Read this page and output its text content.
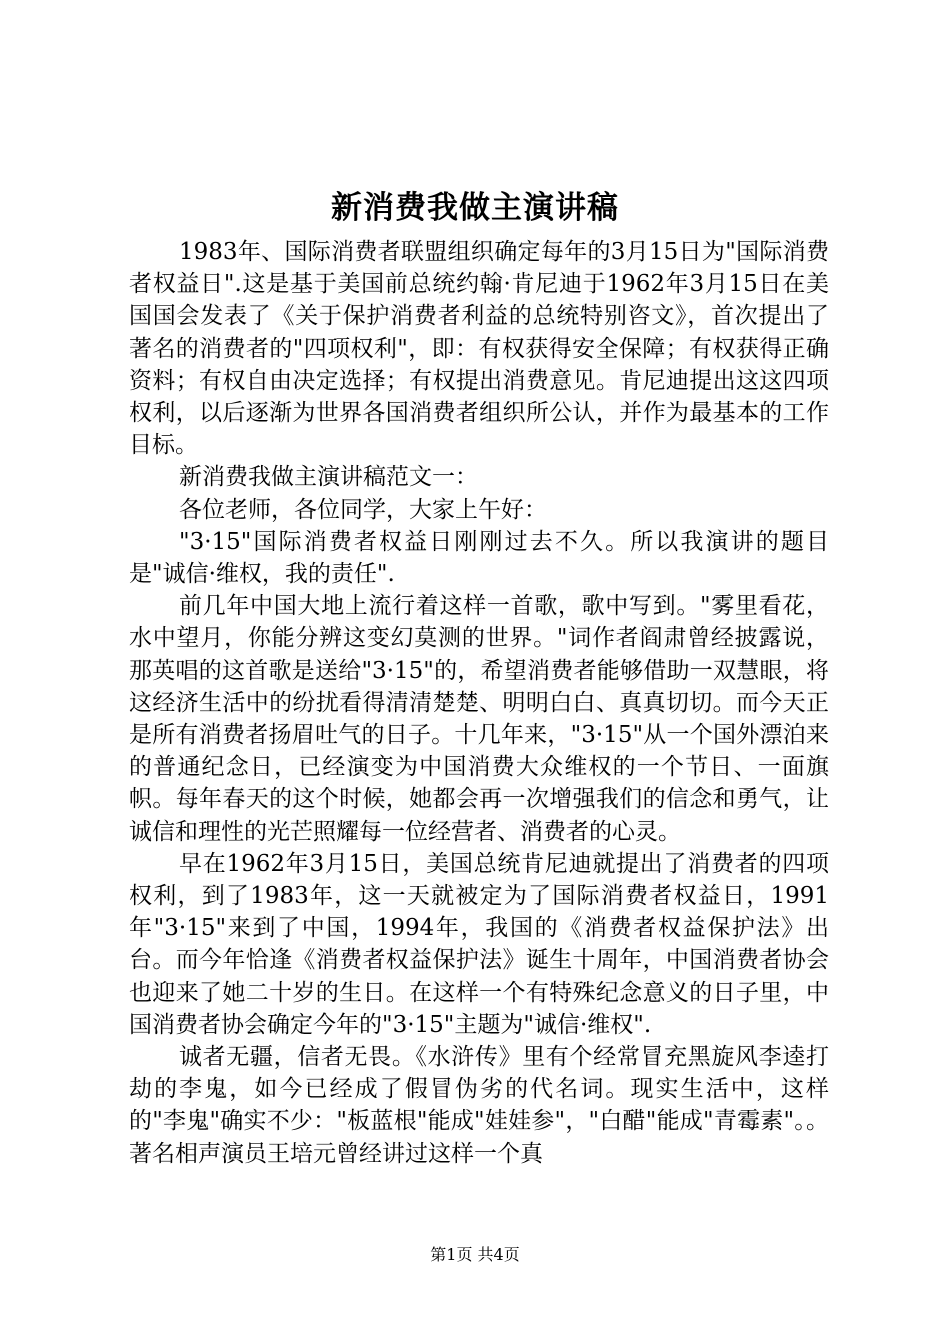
新消费我做主演讲稿

1983年、国际消费者联盟组织确定每年的3月15日为"国际消费者权益日".这是基于美国前总统约翰·肯尼迪于1962年3月15日在美国国会发表了《关于保护消费者利益的总统特别咨文》，首次提出了著名的消费者的"四项权利"，即：有权获得安全保障；有权获得正确资料；有权自由决定选择；有权提出消费意见。肯尼迪提出这这四项权利，以后逐渐为世界各国消费者组织所公认，并作为最基本的工作目标。

新消费我做主演讲稿范文一：

各位老师，各位同学，大家上午好：

"3·15"国际消费者权益日刚刚过去不久。所以我演讲的题目是"诚信·维权，我的责任".

前几年中国大地上流行着这样一首歌，歌中写到。"雾里看花，水中望月，你能分辨这变幻莫测的世界。"词作者阎肃曾经披露说，那英唱的这首歌是送给"3·15"的，希望消费者能够借助一双慧眼，将这经济生活中的纷扰看得清清楚楚、明明白白、真真切切。而今天正是所有消费者扬眉吐气的日子。十几年来，"3·15"从一个国外漂泊来的普通纪念日，已经演变为中国消费大众维权的一个节日、一面旗帜。每年春天的这个时候，她都会再一次增强我们的信念和勇气，让诚信和理性的光芒照耀每一位经营者、消费者的心灵。

早在1962年3月15日，美国总统肯尼迪就提出了消费者的四项权利，到了1983年，这一天就被定为了国际消费者权益日，1991年"3·15"来到了中国，1994年，我国的《消费者权益保护法》出台。而今年恰逢《消费者权益保护法》诞生十周年，中国消费者协会也迎来了她二十岁的生日。在这样一个有特殊纪念意义的日子里，中国消费者协会确定今年的"3·15"主题为"诚信·维权".

诚者无疆，信者无畏。《水浒传》里有个经常冒充黑旋风李逵打劫的李鬼，如今已经成了假冒伪劣的代名词。现实生活中，这样的"李鬼"确实不少："板蓝根"能成"娃娃参"，"白醋"能成"青霉素"。。著名相声演员王培元曾经讲过这样一个真

第1页 共4页
